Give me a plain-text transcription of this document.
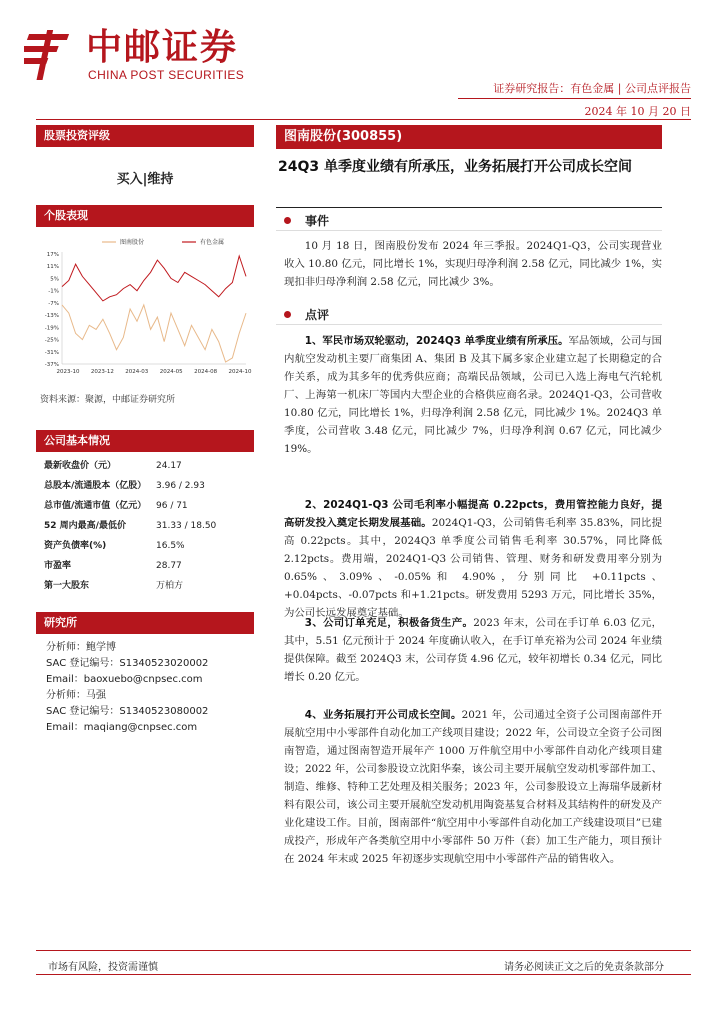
中邮证券
CHINA POST SECURITIES
证券研究报告：有色金属 | 公司点评报告
2024 年 10 月 20 日
股票投资评级
买入|维持
个股表现
17%
11%
5%
-1%
-7%
-13%
-19%
-25%
-31%
-37%
2023-10 2023-12 2024-03 2024-05 2024-08 2024-10
图南股份	有色金属
资料来源：聚源，中邮证券研究所
公司基本情况
最新收盘价（元）	24.17
总股本/流通股本（亿股）	3.96 / 2.93
总市值/流通市值（亿元）	96 / 71
52 周内最高/最低价	31.33 / 18.50
资产负债率(%)	16.5%
市盈率	28.77
第一大股东	万柏方
研究所
分析师：鲍学博
SAC 登记编号：S1340523020002
Email：baoxuebo@cnpsec.com
分析师：马强
SAC 登记编号：S1340523080002
Email：maqiang@cnpsec.com
图南股份(300855)
24Q3 单季度业绩有所承压，业务拓展打开公司成长空间
事件
10 月 18 日，图南股份发布 2024 年三季报。2024Q1-Q3，公司实现营业收入 10.80 亿元，同比增长 1%，实现归母净利润 2.58 亿元，同比减少 1%，实现扣非归母净利润 2.58 亿元，同比减少 3%。
点评
1、军民市场双轮驱动，2024Q3 单季度业绩有所承压。军品领域，公司与国内航空发动机主要厂商集团 A、集团 B 及其下属多家企业建立起了长期稳定的合作关系，成为其多年的优秀供应商；高端民品领域，公司已入选上海电气汽轮机厂、上海第一机床厂等国内大型企业的合格供应商名录。2024Q1-Q3，公司营收 10.80 亿元，同比增长 1%，归母净利润 2.58 亿元，同比减少 1%。2024Q3 单季度，公司营收 3.48 亿元，同比减少 7%，归母净利润 0.67 亿元，同比减少 19%。
2、2024Q1-Q3 公司毛利率小幅提高 0.22pcts，费用管控能力良好，提高研发投入奠定长期发展基础。2024Q1-Q3，公司销售毛利率 35.83%，同比提高 0.22pcts。其中，2024Q3 单季度公司销售毛利率 30.57%，同比降低 2.12pcts。费用端，2024Q1-Q3 公司销售、管理、财务和研发费用率分别为 0.65%、3.09%、-0.05%和 4.90%，分别同比 +0.11pcts、+0.04pcts、-0.07pcts 和+1.21pcts。研发费用 5293 万元，同比增长 35%，为公司长远发展奠定基础。
3、公司订单充足，积极备货生产。2023 年末，公司在手订单 6.03 亿元，其中，5.51 亿元预计于 2024 年度确认收入，在手订单充裕为公司 2024 年业绩提供保障。截至 2024Q3 末，公司存货 4.96 亿元，较年初增长 0.34 亿元，同比增长 0.20 亿元。
4、业务拓展打开公司成长空间。2021 年，公司通过全资子公司图南部件开展航空用中小零部件自动化加工产线项目建设；2022 年，公司设立全资子公司图南智造，通过图南智造开展年产 1000 万件航空用中小零部件自动化产线项目建设；2022 年，公司参股设立沈阳华秦，该公司主要开展航空发动机零部件加工、制造、维修、特种工艺处理及相关服务；2023 年，公司参股设立上海瑞华晟新材料有限公司，该公司主要开展航空发动机用陶瓷基复合材料及其结构件的研发及产业化建设工作。目前，图南部件“航空用中小零部件自动化加工产线建设项目”已建成投产，形成年产各类航空用中小零部件 50 万件（套）加工生产能力，项目预计在 2024 年末或 2025 年初逐步实现航空用中小零部件产品的销售收入。
市场有风险，投资需谨慎	请务必阅读正文之后的免责条款部分
